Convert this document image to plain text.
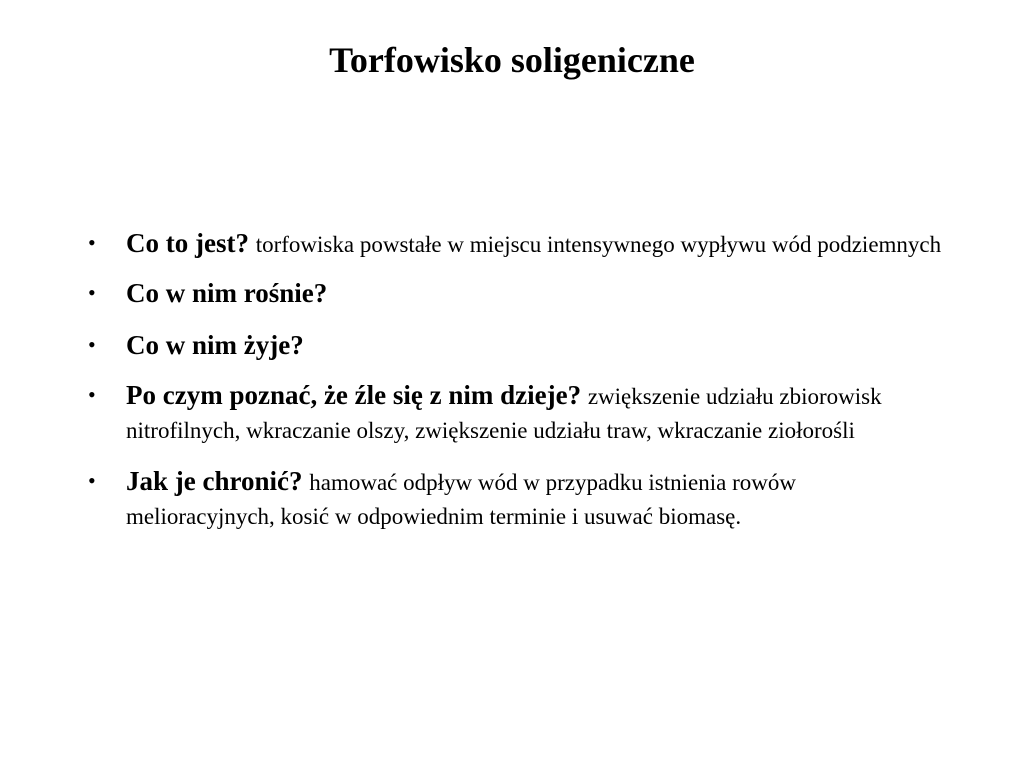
Torfowisko soligeniczne
•	Co to jest? torfowiska powstałe w miejscu intensywnego wypływu wód podziemnych
•	Co w nim rośnie?
•	Co w nim żyje?
•	Po czym poznać, że źle się z nim dzieje? zwiększenie udziału zbiorowisk nitrofilnych, wkraczanie olszy, zwiększenie udziału traw, wkraczanie ziołorośli
•	Jak je chronić? hamować odpływ wód w przypadku istnienia rowów melioracyjnych, kosić w odpowiednim terminie i usuwać biomasę.
